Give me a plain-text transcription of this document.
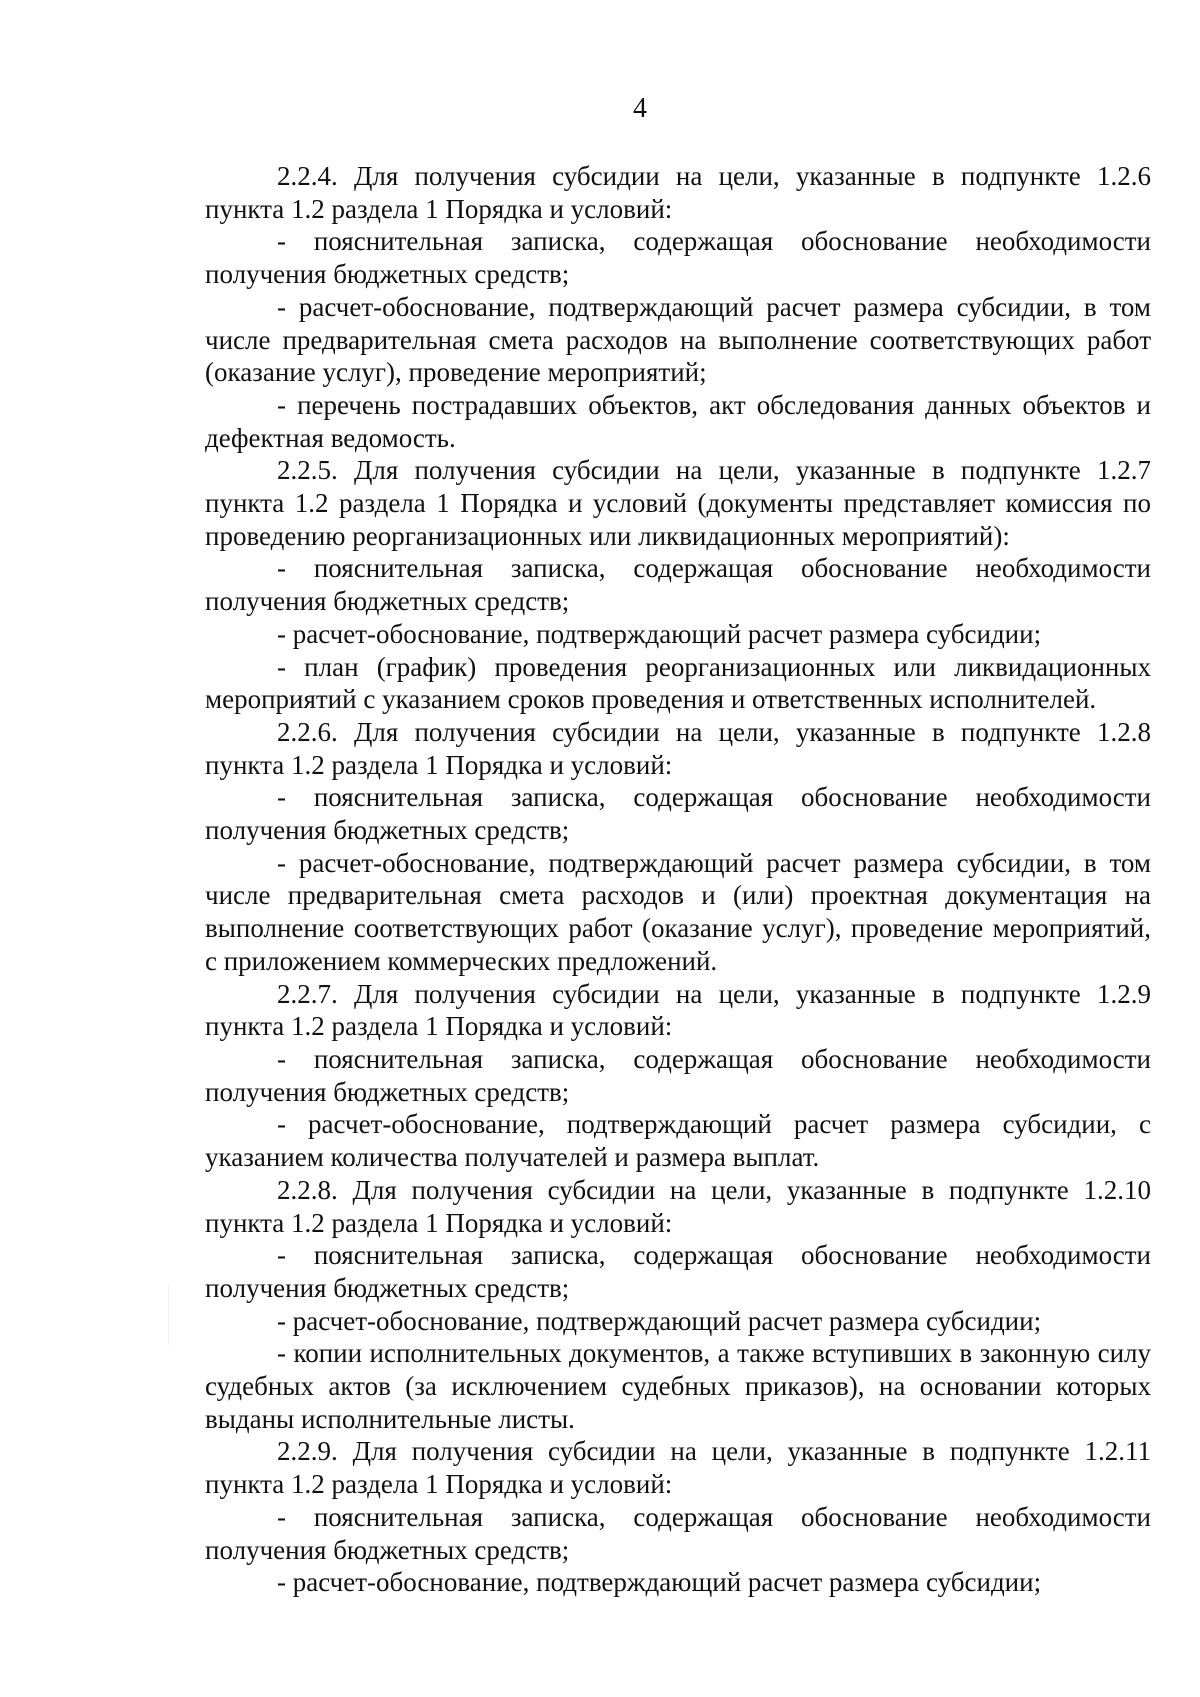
4

2.2.4. Для получения субсидии на цели, указанные в подпункте 1.2.6 пункта 1.2 раздела 1 Порядка и условий:

- пояснительная записка, содержащая обоснование необходимости получения бюджетных средств;

- расчет-обоснование, подтверждающий расчет размера субсидии, в том числе предварительная смета расходов на выполнение соответствующих работ (оказание услуг), проведение мероприятий;

- перечень пострадавших объектов, акт обследования данных объектов и дефектная ведомость.

2.2.5. Для получения субсидии на цели, указанные в подпункте 1.2.7 пункта 1.2 раздела 1 Порядка и условий (документы представляет комиссия по проведению реорганизационных или ликвидационных мероприятий):

- пояснительная записка, содержащая обоснование необходимости получения бюджетных средств;

- расчет-обоснование, подтверждающий расчет размера субсидии;

- план (график) проведения реорганизационных или ликвидационных мероприятий с указанием сроков проведения и ответственных исполнителей.

2.2.6. Для получения субсидии на цели, указанные в подпункте 1.2.8 пункта 1.2 раздела 1 Порядка и условий:

- пояснительная записка, содержащая обоснование необходимости получения бюджетных средств;

- расчет-обоснование, подтверждающий расчет размера субсидии, в том числе предварительная смета расходов и (или) проектная документация на выполнение соответствующих работ (оказание услуг), проведение мероприятий, с приложением коммерческих предложений.

2.2.7. Для получения субсидии на цели, указанные в подпункте 1.2.9 пункта 1.2 раздела 1 Порядка и условий:

- пояснительная записка, содержащая обоснование необходимости получения бюджетных средств;

- расчет-обоснование, подтверждающий расчет размера субсидии, с указанием количества получателей и размера выплат.

2.2.8. Для получения субсидии на цели, указанные в подпункте 1.2.10 пункта 1.2 раздела 1 Порядка и условий:

- пояснительная записка, содержащая обоснование необходимости получения бюджетных средств;

- расчет-обоснование, подтверждающий расчет размера субсидии;

- копии исполнительных документов, а также вступивших в законную силу судебных актов (за исключением судебных приказов), на основании которых выданы исполнительные листы.

2.2.9. Для получения субсидии на цели, указанные в подпункте 1.2.11 пункта 1.2 раздела 1 Порядка и условий:

- пояснительная записка, содержащая обоснование необходимости получения бюджетных средств;

- расчет-обоснование, подтверждающий расчет размера субсидии;
